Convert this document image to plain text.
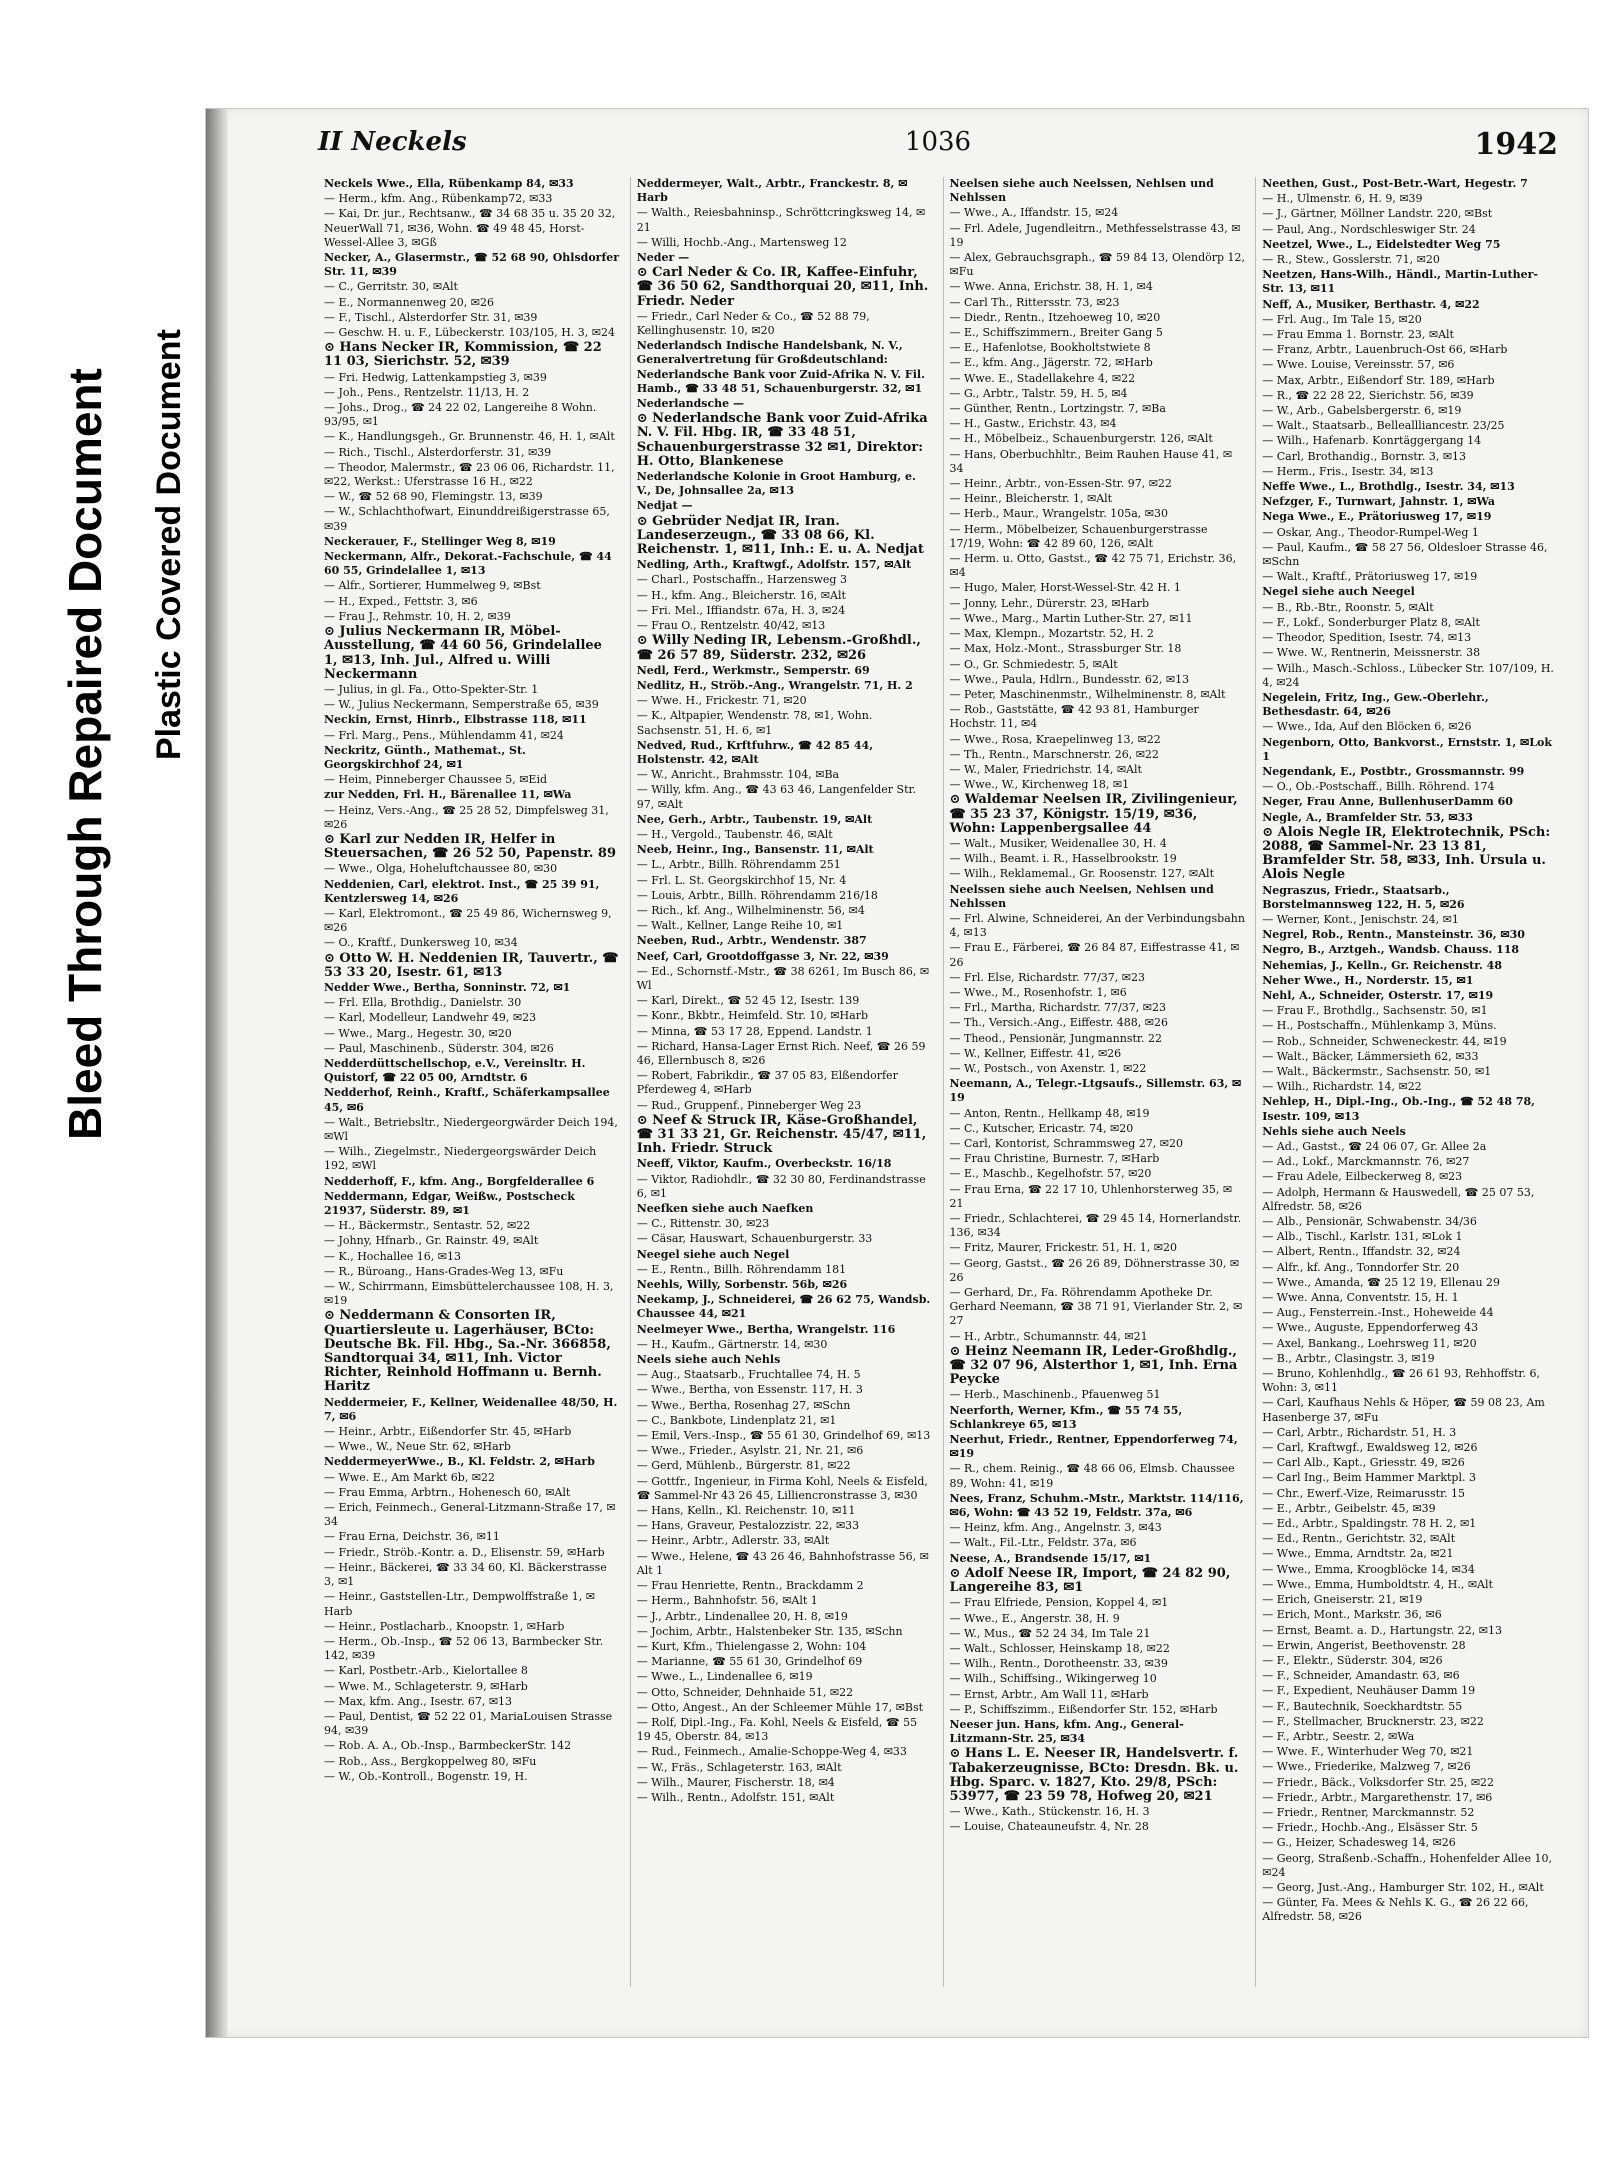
Bleed Through Repaired Document Plastic Covered Document
II Neckels	1036	1942
Neckels Wwe., Ella, Rübenkamp 84, ✉33
— Herm., kfm. Ang., Rübenkamp72, ✉33
— Kai, Dr. jur., Rechtsanw., ☎ 34 68 35 u. 35 20 32, NeuerWall 71, ✉36, Wohn. ☎ 49 48 45, Horst-Wessel-Allee 3, ✉Gß
Necker, A., Glasermstr., ☎ 52 68 90, Ohlsdorfer Str. 11, ✉39
— C., Gerritstr. 30, ✉Alt
— E., Normannenweg 20, ✉26
— F., Tischl., Alsterdorfer Str. 31, ✉39
— Geschw. H. u. F., Lübeckerstr. 103/105, H. 3, ✉24
⊙ Hans Necker IR, Kommission, ☎ 22 11 03, Sierichstr. 52, ✉39
— Fri. Hedwig, Lattenkampstieg 3, ✉39
— Joh., Pens., Rentzelstr. 11/13, H. 2
— Johs., Drog., ☎ 24 22 02, Langereihe 8 Wohn. 93/95, ✉1
— K., Handlungsgeh., Gr. Brunnenstr. 46, H. 1, ✉Alt
— Rich., Tischl., Alsterdorferstr. 31, ✉39
— Theodor, Malermstr., ☎ 23 06 06, Richardstr. 11, ✉22, Werkst.: Uferstrasse 16 H., ✉22
— W., ☎ 52 68 90, Flemingstr. 13, ✉39
— W., Schlachthofwart, Einunddreißigerstrasse 65, ✉39
Neckerauer, F., Stellinger Weg 8, ✉19
Neckermann, Alfr., Dekorat.-Fachschule, ☎ 44 60 55, Grindelallee 1, ✉13
— Alfr., Sortierer, Hummelweg 9, ✉Bst
— H., Exped., Fettstr. 3, ✉6
— Frau J., Rehmstr. 10, H. 2, ✉39
⊙ Julius Neckermann IR, Möbel-Ausstellung, ☎ 44 60 56, Grindelallee 1, ✉13, Inh. Jul., Alfred u. Willi Neckermann
— Julius, in gl. Fa., Otto-Spekter-Str. 1
— W., Julius Neckermann, Semperstraße 65, ✉39
Neckin, Ernst, Hinrb., Elbstrasse 118, ✉11
— Frl. Marg., Pens., Mühlendamm 41, ✉24
Neckritz, Günth., Mathemat., St. Georgskirchhof 24, ✉1
— Heim, Pinneberger Chaussee 5, ✉Eid
zur Nedden, Frl. H., Bärenallee 11, ✉Wa
— Heinz, Vers.-Ang., ☎ 25 28 52, Dimpfelsweg 31, ✉26
⊙ Karl zur Nedden IR, Helfer in Steuersachen, ☎ 26 52 50, Papenstr. 89
— Wwe., Olga, Hoheluftchaussee 80, ✉30
Neddenien, Carl, elektrot. Inst., ☎ 25 39 91, Kentzlersweg 14, ✉26
— Karl, Elektromont., ☎ 25 49 86, Wichernsweg 9, ✉26
— O., Kraftf., Dunkersweg 10, ✉34
⊙ Otto W. H. Neddenien IR, Tauvertr., ☎ 53 33 20, Isestr. 61, ✉13
Nedder Wwe., Bertha, Sonninstr. 72, ✉1
— Frl. Ella, Brothdig., Danielstr. 30
— Karl, Modelleur, Landwehr 49, ✉23
— Wwe., Marg., Hegestr. 30, ✉20
— Paul, Maschinenb., Süderstr. 304, ✉26
Nedderdüttschellschop, e.V., Vereinsltr. H. Quistorf, ☎ 22 05 00, Arndtstr. 6
Nedderhof, Reinh., Kraftf., Schäferkampsallee 45, ✉6
— Walt., Betriebsltr., Niedergeorgwärder Deich 194, ✉Wl
— Wilh., Ziegelmstr., Niedergeorgswärder Deich 192, ✉Wl
Nedderhoff, F., kfm. Ang., Borgfelderallee 6
Neddermann, Edgar, Weißw., Postscheck 21937, Süderstr. 89, ✉1
— H., Bäckermstr., Sentastr. 52, ✉22
— Johny, Hfnarb., Gr. Rainstr. 49, ✉Alt
— K., Hochallee 16, ✉13
— R., Büroang., Hans-Grades-Weg 13, ✉Fu
— W., Schirrmann, Eimsbüttelerchaussee 108, H. 3, ✉19
⊙ Neddermann & Consorten IR, Quartiersleute u. Lagerhäuser, BCto: Deutsche Bk. Fil. Hbg., Sa.-Nr. 366858, Sandtorquai 34, ✉11, Inh. Victor Richter, Reinhold Hoffmann u. Bernh. Haritz
Neddermeier, F., Kellner, Weidenallee 48/50, H. 7, ✉6
— Heinr., Arbtr., Eißendorfer Str. 45, ✉Harb
— Wwe., W., Neue Str. 62, ✉Harb
NeddermeyerWwe., B., Kl. Feldstr. 2, ✉Harb
— Wwe. E., Am Markt 6b, ✉22
— Frau Emma, Arbtrn., Hohenesch 60, ✉Alt
— Erich, Feinmech., General-Litzmann-Straße 17, ✉34
— Frau Erna, Deichstr. 36, ✉11
— Friedr., Ströb.-Kontr. a. D., Elisenstr. 59, ✉Harb
— Heinr., Bäckerei, ☎ 33 34 60, Kl. Bäckerstrasse 3, ✉1
— Heinr., Gaststellen-Ltr., Dempwolffstraße 1, ✉Harb
— Heinr., Postlacharb., Knoopstr. 1, ✉Harb
— Herm., Ob.-Insp., ☎ 52 06 13, Barmbecker Str. 142, ✉39
— Karl, Postbetr.-Arb., Kielortallee 8
— Wwe. M., Schlageterstr. 9, ✉Harb
— Max, kfm. Ang., Isestr. 67, ✉13
— Paul, Dentist, ☎ 52 22 01, MariaLouisen Strasse 94, ✉39
— Rob. A. A., Ob.-Insp., BarmbeckerStr. 142
— Rob., Ass., Bergkoppelweg 80, ✉Fu
— W., Ob.-Kontroll., Bogenstr. 19, H.
Neddermeyer, Walt., Arbtr., Franckestr. 8, ✉Harb
— Walth., Reiesbahninsp., Schröttcringksweg 14, ✉21
— Willi, Hochb.-Ang., Martensweg 12
Neder —
⊙ Carl Neder & Co. IR, Kaffee-Einfuhr, ☎ 36 50 62, Sandthorquai 20, ✉11, Inh. Friedr. Neder
— Friedr., Carl Neder & Co., ☎ 52 88 79, Kellinghusenstr. 10, ✉20
Nederlandsch Indische Handelsbank, N. V., Generalvertretung für Großdeutschland: Nederlandsche Bank voor Zuid-Afrika N. V. Fil. Hamb., ☎ 33 48 51, Schauenburgerstr. 32, ✉1
Nederlandsche —
⊙ Nederlandsche Bank voor Zuid-Afrika N. V. Fil. Hbg. IR, ☎ 33 48 51, Schauenburgerstrasse 32 ✉1, Direktor: H. Otto, Blankenese
Nederlandsche Kolonie in Groot Hamburg, e. V., De, Johnsallee 2a, ✉13
Nedjat —
⊙ Gebrüder Nedjat IR, Iran. Landeserzeugn., ☎ 33 08 66, Kl. Reichenstr. 1, ✉11, Inh.: E. u. A. Nedjat
Nedling, Arth., Kraftwgf., Adolfstr. 157, ✉Alt
— Charl., Postschaffn., Harzensweg 3
— H., kfm. Ang., Bleicherstr. 16, ✉Alt
— Fri. Mel., Iffiandstr. 67a, H. 3, ✉24
— Frau O., Rentzelstr. 40/42, ✉13
⊙ Willy Neding IR, Lebensm.-Großhdl., ☎ 26 57 89, Süderstr. 232, ✉26
Nedl, Ferd., Werkmstr., Semperstr. 69
Nedlitz, H., Ströb.-Ang., Wrangelstr. 71, H. 2
— Wwe. H., Frickestr. 71, ✉20
— K., Altpapier, Wendenstr. 78, ✉1, Wohn. Sachsenstr. 51, H. 6, ✉1
Nedved, Rud., Krftfuhrw., ☎ 42 85 44, Holstenstr. 42, ✉Alt
— W., Anricht., Brahmsstr. 104, ✉Ba
— Willy, kfm. Ang., ☎ 43 63 46, Langenfelder Str. 97, ✉Alt
Nee, Gerh., Arbtr., Taubenstr. 19, ✉Alt
— H., Vergold., Taubenstr. 46, ✉Alt
Neeb, Heinr., Ing., Bansenstr. 11, ✉Alt
— L., Arbtr., Billh. Röhrendamm 251
— Frl. L. St. Georgskirchhof 15, Nr. 4
— Louis, Arbtr., Billh. Röhrendamm 216/18
— Rich., kf. Ang., Wilhelminenstr. 56, ✉4
— Walt., Kellner, Lange Reihe 10, ✉1
Neeben, Rud., Arbtr., Wendenstr. 387
Neef, Carl, Grootdoffgasse 3, Nr. 22, ✉39
— Ed., Schornstf.-Mstr., ☎ 38 6261, Im Busch 86, ✉Wl
— Karl, Direkt., ☎ 52 45 12, Isestr. 139
— Konr., Bkbtr., Heimfeld. Str. 10, ✉Harb
— Minna, ☎ 53 17 28, Eppend. Landstr. 1
— Richard, Hansa-Lager Ernst Rich. Neef, ☎ 26 59 46, Ellernbusch 8, ✉26
— Robert, Fabrikdir., ☎ 37 05 83, Elßendorfer Pferdeweg 4, ✉Harb
— Rud., Gruppenf., Pinneberger Weg 23
⊙ Neef & Struck IR, Käse-Großhandel, ☎ 31 33 21, Gr. Reichenstr. 45/47, ✉11, Inh. Friedr. Struck
Neeff, Viktor, Kaufm., Overbeckstr. 16/18
— Viktor, Radiohdlr., ☎ 32 30 80, Ferdinandstrasse 6, ✉1
Neefken siehe auch Naefken
— C., Rittenstr. 30, ✉23
— Cäsar, Hauswart, Schauenburgerstr. 33
Neegel siehe auch Negel
— E., Rentn., Billh. Röhrendamm 181
Neehls, Willy, Sorbenstr. 56b, ✉26
Neekamp, J., Schneiderei, ☎ 26 62 75, Wandsb. Chaussee 44, ✉21
Neelmeyer Wwe., Bertha, Wrangelstr. 116
— H., Kaufm., Gärtnerstr. 14, ✉30
Neels siehe auch Nehls
— Aug., Staatsarb., Fruchtallee 74, H. 5
— Wwe., Bertha, von Essenstr. 117, H. 3
— Wwe., Bertha, Rosenhag 27, ✉Schn
— C., Bankbote, Lindenplatz 21, ✉1
— Emil, Vers.-Insp., ☎ 55 61 30, Grindelhof 69, ✉13
— Wwe., Frieder., Asylstr. 21, Nr. 21, ✉6
— Gerd, Mühlenb., Bürgerstr. 81, ✉22
— Gottfr., Ingenieur, in Firma Kohl, Neels & Eisfeld, ☎ Sammel-Nr 43 26 45, Lilliencronstrasse 3, ✉30
— Hans, Kelln., Kl. Reichenstr. 10, ✉11
— Hans, Graveur, Pestalozzistr. 22, ✉33
— Heinr., Arbtr., Adlerstr. 33, ✉Alt
— Wwe., Helene, ☎ 43 26 46, Bahnhofstrasse 56, ✉Alt 1
— Frau Henriette, Rentn., Brackdamm 2
— Herm., Bahnhofstr. 56, ✉Alt 1
— J., Arbtr., Lindenallee 20, H. 8, ✉19
— Jochim, Arbtr., Halstenbeker Str. 135, ✉Schn
— Kurt, Kfm., Thielengasse 2, Wohn: 104
— Marianne, ☎ 55 61 30, Grindelhof 69
— Wwe., L., Lindenallee 6, ✉19
— Otto, Schneider, Dehnhaide 51, ✉22
— Otto, Angest., An der Schleemer Mühle 17, ✉Bst
— Rolf, Dipl.-Ing., Fa. Kohl, Neels & Eisfeld, ☎ 55 19 45, Oberstr. 84, ✉13
— Rud., Feinmech., Amalie-Schoppe-Weg 4, ✉33
— W., Fräs., Schlageterstr. 163, ✉Alt
— Wilh., Maurer, Fischerstr. 18, ✉4
— Wilh., Rentn., Adolfstr. 151, ✉Alt
Neelsen siehe auch Neelssen, Nehlsen und Nehlssen
— Wwe., A., Iffandstr. 15, ✉24
— Frl. Adele, Jugendleitrn., Methfesselstrasse 43, ✉19
— Alex, Gebrauchsgraph., ☎ 59 84 13, Olendörp 12, ✉Fu
— Wwe. Anna, Erichstr. 38, H. 1, ✉4
— Carl Th., Rittersstr. 73, ✉23
— Diedr., Rentn., Itzehoeweg 10, ✉20
— E., Schiffszimmern., Breiter Gang 5
— E., Hafenlotse, Bookholtstwiete 8
— E., kfm. Ang., Jägerstr. 72, ✉Harb
— Wwe. E., Stadellakehre 4, ✉22
— G., Arbtr., Talstr. 59, H. 5, ✉4
— Günther, Rentn., Lortzingstr. 7, ✉Ba
— H., Gastw., Erichstr. 43, ✉4
— H., Möbelbeiz., Schauenburgerstr. 126, ✉Alt
— Hans, Oberbuchhltr., Beim Rauhen Hause 41, ✉34
— Heinr., Arbtr., von-Essen-Str. 97, ✉22
— Heinr., Bleicherstr. 1, ✉Alt
— Herb., Maur., Wrangelstr. 105a, ✉30
— Herm., Möbelbeizer, Schauenburgerstrasse 17/19, Wohn: ☎ 42 89 60, 126, ✉Alt
— Herm. u. Otto, Gastst., ☎ 42 75 71, Erichstr. 36, ✉4
— Hugo, Maler, Horst-Wessel-Str. 42 H. 1
— Jonny, Lehr., Dürerstr. 23, ✉Harb
— Wwe., Marg., Martin Luther-Str. 27, ✉11
— Max, Klempn., Mozartstr. 52, H. 2
— Max, Holz.-Mont., Strassburger Str. 18
— O., Gr. Schmiedestr. 5, ✉Alt
— Wwe., Paula, Hdlrn., Bundesstr. 62, ✉13
— Peter, Maschinenmstr., Wilhelminenstr. 8, ✉Alt
— Rob., Gaststätte, ☎ 42 93 81, Hamburger Hochstr. 11, ✉4
— Wwe., Rosa, Kraepelinweg 13, ✉22
— Th., Rentn., Marschnerstr. 26, ✉22
— W., Maler, Friedrichstr. 14, ✉Alt
— Wwe., W., Kirchenweg 18, ✉1
⊙ Waldemar Neelsen IR, Zivilingenieur, ☎ 35 23 37, Königstr. 15/19, ✉36, Wohn: Lappenbergsallee 44
— Walt., Musiker, Weidenallee 30, H. 4
— Wilh., Beamt. i. R., Hasselbrookstr. 19
— Wilh., Reklamemal., Gr. Roosenstr. 127, ✉Alt
Neelssen siehe auch Neelsen, Nehlsen und Nehlssen
— Frl. Alwine, Schneiderei, An der Verbindungsbahn 4, ✉13
— Frau E., Färberei, ☎ 26 84 87, Eiffestrasse 41, ✉26
— Frl. Else, Richardstr. 77/37, ✉23
— Wwe., M., Rosenhofstr. 1, ✉6
— Frl., Martha, Richardstr. 77/37, ✉23
— Th., Versich.-Ang., Eiffestr. 488, ✉26
— Theod., Pensionär, Jungmannstr. 22
— W., Kellner, Eiffestr. 41, ✉26
— W., Postsch., von Axenstr. 1, ✉22
Neemann, A., Telegr.-Ltgsaufs., Sillemstr. 63, ✉19
— Anton, Rentn., Hellkamp 48, ✉19
— C., Kutscher, Ericastr. 74, ✉20
— Carl, Kontorist, Schrammsweg 27, ✉20
— Frau Christine, Burnestr. 7, ✉Harb
— E., Maschb., Kegelhofstr. 57, ✉20
— Frau Erna, ☎ 22 17 10, Uhlenhorsterweg 35, ✉21
— Friedr., Schlachterei, ☎ 29 45 14, Hornerlandstr. 136, ✉34
— Fritz, Maurer, Frickestr. 51, H. 1, ✉20
— Georg, Gastst., ☎ 26 26 89, Döhnerstrasse 30, ✉26
— Gerhard, Dr., Fa. Röhrendamm Apotheke Dr. Gerhard Neemann, ☎ 38 71 91, Vierlander Str. 2, ✉27
— H., Arbtr., Schumannstr. 44, ✉21
⊙ Heinz Neemann IR, Leder-Großhdlg., ☎ 32 07 96, Alsterthor 1, ✉1, Inh. Erna Peycke
— Herb., Maschinenb., Pfauenweg 51
Neerforth, Werner, Kfm., ☎ 55 74 55, Schlankreye 65, ✉13
Neerhut, Friedr., Rentner, Eppendorferweg 74, ✉19
— R., chem. Reinig., ☎ 48 66 06, Elmsb. Chaussee 89, Wohn: 41, ✉19
Nees, Franz, Schuhm.-Mstr., Marktstr. 114/116, ✉6, Wohn: ☎ 43 52 19, Feldstr. 37a, ✉6
— Heinz, kfm. Ang., Angelnstr. 3, ✉43
— Walt., Fil.-Ltr., Feldstr. 37a, ✉6
Neese, A., Brandsende 15/17, ✉1
⊙ Adolf Neese IR, Import, ☎ 24 82 90, Langereihe 83, ✉1
— Frau Elfriede, Pension, Koppel 4, ✉1
— Wwe., E., Angerstr. 38, H. 9
— W., Mus., ☎ 52 24 34, Im Tale 21
— Walt., Schlosser, Heinskamp 18, ✉22
— Wilh., Rentn., Dorotheenstr. 33, ✉39
— Wilh., Schiffsing., Wikingerweg 10
— Ernst, Arbtr., Am Wall 11, ✉Harb
— P., Schiffszimm., Eißendorfer Str. 152, ✉Harb
Neeser jun. Hans, kfm. Ang., General-Litzmann-Str. 25, ✉34
⊙ Hans L. E. Neeser IR, Handelsvertr. f. Tabakerzeugnisse, BCto: Dresdn. Bk. u. Hbg. Sparc. v. 1827, Kto. 29/8, PSch: 53977, ☎ 23 59 78, Hofweg 20, ✉21
— Wwe., Kath., Stückenstr. 16, H. 3
— Louise, Chateauneufstr. 4, Nr. 28
Neethen, Gust., Post-Betr.-Wart, Hegestr. 7
— H., Ulmenstr. 6, H. 9, ✉39
— J., Gärtner, Möllner Landstr. 220, ✉Bst
— Paul, Ang., Nordschleswiger Str. 24
Neetzel, Wwe., L., Eidelstedter Weg 75
— R., Stew., Gosslerstr. 71, ✉20
Neetzen, Hans-Wilh., Händl., Martin-Luther-Str. 13, ✉11
Neff, A., Musiker, Berthastr. 4, ✉22
— Frl. Aug., Im Tale 15, ✉20
— Frau Emma 1. Bornstr. 23, ✉Alt
— Franz, Arbtr., Lauenbruch-Ost 66, ✉Harb
— Wwe. Louise, Vereinsstr. 57, ✉6
— Max, Arbtr., Eißendorf Str. 189, ✉Harb
— R., ☎ 22 28 22, Sierichstr. 56, ✉39
— W., Arb., Gabelsbergerstr. 6, ✉19
— Walt., Staatsarb., Belleallliancestr. 23/25
— Wilh., Hafenarb. Konrtäggergang 14
— Carl, Brothandig., Bornstr. 3, ✉13
— Herm., Fris., Isestr. 34, ✉13
Neffe Wwe., L., Brothdlg., Isestr. 34, ✉13
Nefzger, F., Turnwart, Jahnstr. 1, ✉Wa
Nega Wwe., E., Prätoriusweg 17, ✉19
— Oskar, Ang., Theodor-Rumpel-Weg 1
— Paul, Kaufm., ☎ 58 27 56, Oldesloer Strasse 46, ✉Schn
— Walt., Kraftf., Prätoriusweg 17, ✉19
Negel siehe auch Neegel
— B., Rb.-Btr., Roonstr. 5, ✉Alt
— F., Lokf., Sonderburger Platz 8, ✉Alt
— Theodor, Spedition, Isestr. 74, ✉13
— Wwe. W., Rentnerin, Meissnerstr. 38
— Wilh., Masch.-Schloss., Lübecker Str. 107/109, H. 4, ✉24
Negelein, Fritz, Ing., Gew.-Oberlehr., Bethesdastr. 64, ✉26
— Wwe., Ida, Auf den Blöcken 6, ✉26
Negenborn, Otto, Bankvorst., Ernststr. 1, ✉Lok 1
Negendank, E., Postbtr., Grossmannstr. 99
— O., Ob.-Postschaff., Billh. Röhrend. 174
Neger, Frau Anne, BullenhuserDamm 60
Negle, A., Bramfelder Str. 53, ✉33
⊙ Alois Negle IR, Elektrotechnik, PSch: 2088, ☎ Sammel-Nr. 23 13 81, Bramfelder Str. 58, ✉33, Inh. Ursula u. Alois Negle
Negraszus, Friedr., Staatsarb., Borstelmannsweg 122, H. 5, ✉26
— Werner, Kont., Jenischstr. 24, ✉1
Negrel, Rob., Rentn., Mansteinstr. 36, ✉30
Negro, B., Arztgeh., Wandsb. Chauss. 118
Nehemias, J., Kelln., Gr. Reichenstr. 48
Neher Wwe., H., Norderstr. 15, ✉1
Nehl, A., Schneider, Osterstr. 17, ✉19
— Frau F., Brothdlg., Sachsenstr. 50, ✉1
— H., Postschaffn., Mühlenkamp 3, Müns.
— Rob., Schneider, Schweneckestr. 44, ✉19
— Walt., Bäcker, Lämmersieth 62, ✉33
— Walt., Bäckermstr., Sachsenstr. 50, ✉1
— Wilh., Richardstr. 14, ✉22
Nehlep, H., Dipl.-Ing., Ob.-Ing., ☎ 52 48 78, Isestr. 109, ✉13
Nehls siehe auch Neels
— Ad., Gastst., ☎ 24 06 07, Gr. Allee 2a
— Ad., Lokf., Marckmannstr. 76, ✉27
— Frau Adele, Eilbeckerweg 8, ✉23
— Adolph, Hermann & Hauswedell, ☎ 25 07 53, Alfredstr. 58, ✉26
— Alb., Pensionär, Schwabenstr. 34/36
— Alb., Tischl., Karlstr. 131, ✉Lok 1
— Albert, Rentn., Iffandstr. 32, ✉24
— Alfr., kf. Ang., Tonndorfer Str. 20
— Wwe., Amanda, ☎ 25 12 19, Ellenau 29
— Wwe. Anna, Conventstr. 15, H. 1
— Aug., Fensterrein.-Inst., Hoheweide 44
— Wwe., Auguste, Eppendorferweg 43
— Axel, Bankang., Loehrsweg 11, ✉20
— B., Arbtr., Clasingstr. 3, ✉19
— Bruno, Kohlenhdlg., ☎ 26 61 93, Rehhoffstr. 6, Wohn: 3, ✉11
— Carl, Kaufhaus Nehls & Höper, ☎ 59 08 23, Am Hasenberge 37, ✉Fu
— Carl, Arbtr., Richardstr. 51, H. 3
— Carl, Kraftwgf., Ewaldsweg 12, ✉26
— Carl Alb., Kapt., Griesstr. 49, ✉26
— Carl Ing., Beim Hammer Marktpl. 3
— Chr., Ewerf.-Vize, Reimarusstr. 15
— E., Arbtr., Geibelstr. 45, ✉39
— Ed., Arbtr., Spaldingstr. 78 H. 2, ✉1
— Ed., Rentn., Gerichtstr. 32, ✉Alt
— Wwe., Emma, Arndtstr. 2a, ✉21
— Wwe., Emma, Kroogblöcke 14, ✉34
— Wwe., Emma, Humboldtstr. 4, H., ✉Alt
— Erich, Gneiserstr. 21, ✉19
— Erich, Mont., Markstr. 36, ✉6
— Ernst, Beamt. a. D., Hartungstr. 22, ✉13
— Erwin, Angerist, Beethovenstr. 28
— F., Elektr., Süderstr. 304, ✉26
— F., Schneider, Amandastr. 63, ✉6
— F., Expedient, Neuhäuser Damm 19
— F., Bautechnik, Soeckhardtstr. 55
— F., Stellmacher, Brucknerstr. 23, ✉22
— F., Arbtr., Seestr. 2, ✉Wa
— Wwe. F., Winterhuder Weg 70, ✉21
— Wwe., Friederike, Malzweg 7, ✉26
— Friedr., Bäck., Volksdorfer Str. 25, ✉22
— Friedr., Arbtr., Margarethenstr. 17, ✉6
— Friedr., Rentner, Marckmannstr. 52
— Friedr., Hochb.-Ang., Elsässer Str. 5
— G., Heizer, Schadesweg 14, ✉26
— Georg, Straßenb.-Schaffn., Hohenfelder Allee 10, ✉24
— Georg, Just.-Ang., Hamburger Str. 102, H., ✉Alt
— Günter, Fa. Mees & Nehls K. G., ☎ 26 22 66, Alfredstr. 58, ✉26
